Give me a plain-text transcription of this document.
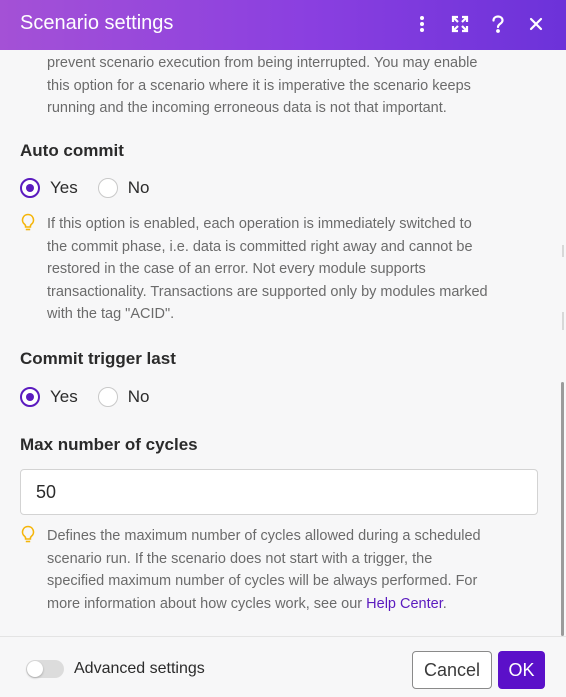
Scenario settings
prevent scenario execution from being interrupted. You may enable
this option for a scenario where it is imperative the scenario keeps
running and the incoming erroneous data is not that important.
Auto commit
Yes	No
If this option is enabled, each operation is immediately switched to
the commit phase, i.e. data is committed right away and cannot be
restored in the case of an error. Not every module supports
transactionality. Transactions are supported only by modules marked
with the tag "ACID".
Commit trigger last
Yes	No
Max number of cycles
50
Defines the maximum number of cycles allowed during a scheduled
scenario run. If the scenario does not start with a trigger, the
specified maximum number of cycles will be always performed. For
more information about how cycles work, see our Help Center.
Advanced settings	Cancel	OK
